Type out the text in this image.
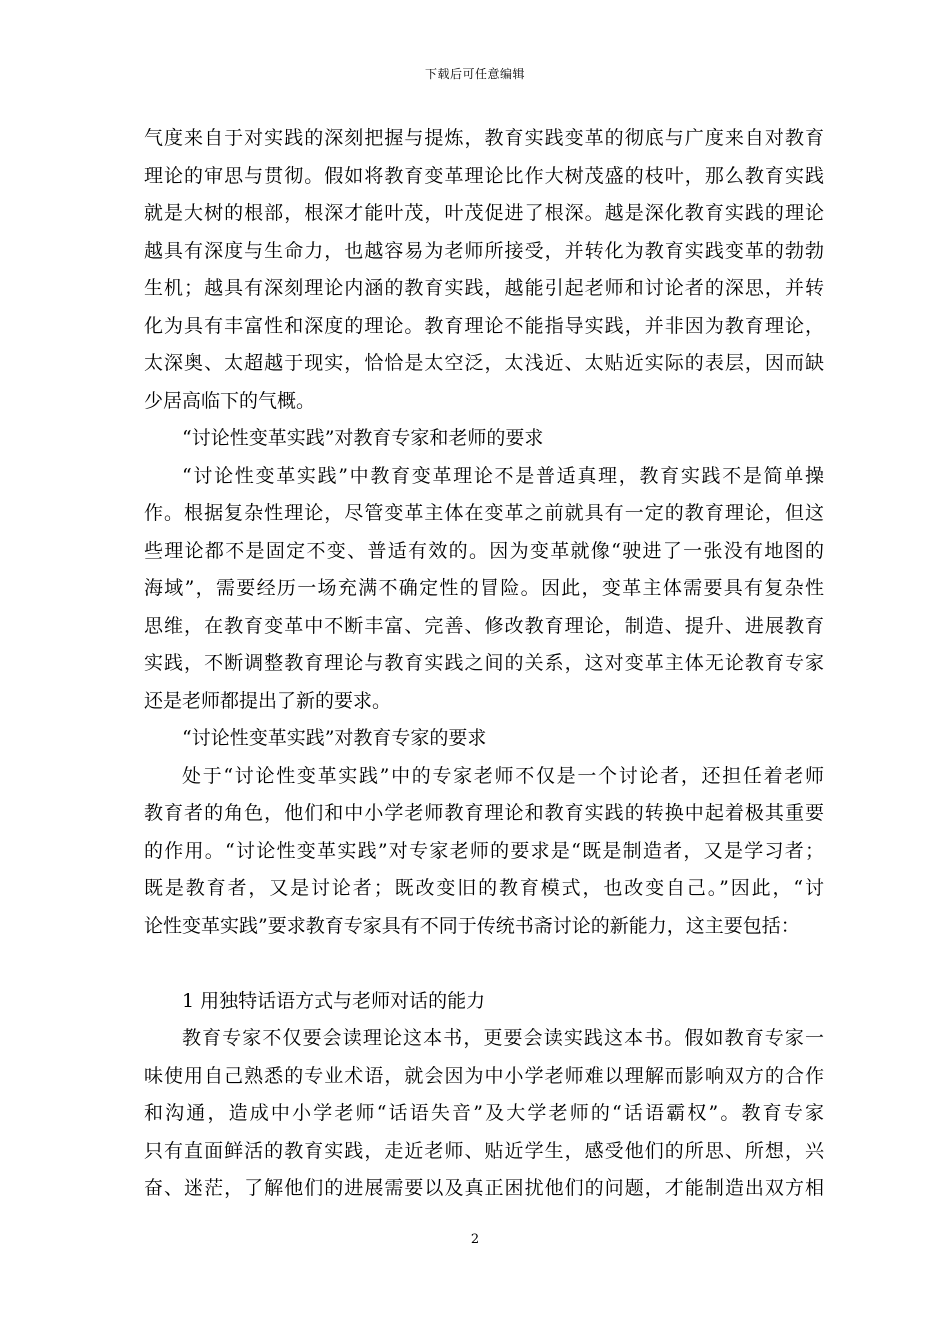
下载后可任意编辑
气度来自于对实践的深刻把握与提炼，教育实践变革的彻底与广度来自对教育
理论的审思与贯彻。假如将教育变革理论比作大树茂盛的枝叶，那么教育实践
就是大树的根部，根深才能叶茂，叶茂促进了根深。越是深化教育实践的理论
越具有深度与生命力，也越容易为老师所接受，并转化为教育实践变革的勃勃
生机；越具有深刻理论内涵的教育实践，越能引起老师和讨论者的深思，并转
化为具有丰富性和深度的理论。教育理论不能指导实践，并非因为教育理论，
太深奥、太超越于现实，恰恰是太空泛，太浅近、太贴近实际的表层，因而缺
少居高临下的气概。
“讨论性变革实践”对教育专家和老师的要求
“讨论性变革实践”中教育变革理论不是普适真理，教育实践不是简单操
作。根据复杂性理论，尽管变革主体在变革之前就具有一定的教育理论，但这
些理论都不是固定不变、普适有效的。因为变革就像“驶进了一张没有地图的
海域”，需要经历一场充满不确定性的冒险。因此，变革主体需要具有复杂性
思维，在教育变革中不断丰富、完善、修改教育理论，制造、提升、进展教育
实践，不断调整教育理论与教育实践之间的关系，这对变革主体无论教育专家
还是老师都提出了新的要求。
“讨论性变革实践”对教育专家的要求
处于“讨论性变革实践”中的专家老师不仅是一个讨论者，还担任着老师
教育者的角色，他们和中小学老师教育理论和教育实践的转换中起着极其重要
的作用。“讨论性变革实践”对专家老师的要求是“既是制造者，又是学习者；
既是教育者，又是讨论者；既改变旧的教育模式，也改变自己。”因此，“讨
论性变革实践”要求教育专家具有不同于传统书斋讨论的新能力，这主要包括：
1 用独特话语方式与老师对话的能力
教育专家不仅要会读理论这本书，更要会读实践这本书。假如教育专家一
味使用自己熟悉的专业术语，就会因为中小学老师难以理解而影响双方的合作
和沟通，造成中小学老师“话语失音”及大学老师的“话语霸权”。教育专家
只有直面鲜活的教育实践，走近老师、贴近学生，感受他们的所思、所想，兴
奋、迷茫，了解他们的进展需要以及真正困扰他们的问题，才能制造出双方相
2
